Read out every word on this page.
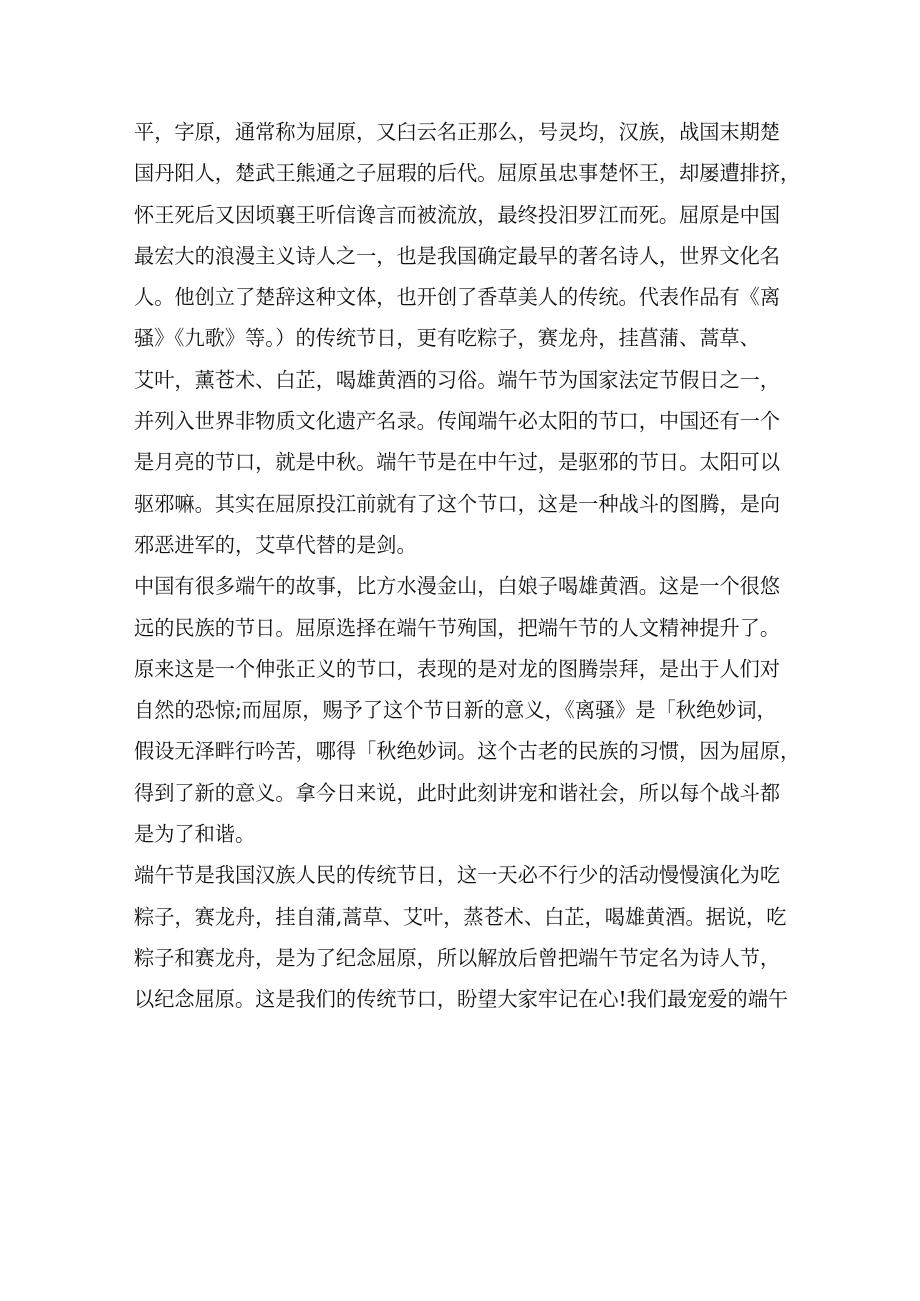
平，字原，通常称为屈原，又臼云名正那么，号灵均，汉族，战国末期楚
国丹阳人，楚武王熊通之子屈瑕的后代。屈原虽忠事楚怀王，却屡遭排挤，
怀王死后又因顷襄王听信谗言而被流放，最终投汨罗江而死。屈原是中国
最宏大的浪漫主义诗人之一，也是我国确定最早的著名诗人，世界文化名
人。他创立了楚辞这种文体，也开创了香草美人的传统。代表作品有《离
骚》《九歌》等。）的传统节日，更有吃粽子，赛龙舟，挂菖蒲、蒿草、
艾叶，薰苍术、白芷，喝雄黄酒的习俗。端午节为国家法定节假日之一，
并列入世界非物质文化遗产名录。传闻端午必太阳的节口，中国还有一个
是月亮的节口，就是中秋。端午节是在中午过，是驱邪的节日。太阳可以
驱邪嘛。其实在屈原投江前就有了这个节口，这是一种战斗的图腾，是向
邪恶进军的，艾草代替的是剑。

中国有很多端午的故事，比方水漫金山，白娘子喝雄黄酒。这是一个很悠
远的民族的节日。屈原选择在端午节殉国，把端午节的人文精神提升了。
原来这是一个伸张正义的节口，表现的是对龙的图腾崇拜，是出于人们对
自然的恐惊;而屈原，赐予了这个节日新的意义，《离骚》是「秋绝妙词，
假设无泽畔行吟苦，哪得「秋绝妙词。这个古老的民族的习惯，因为屈原，
得到了新的意义。拿今日来说，此时此刻讲宠和谐社会，所以每个战斗都
是为了和谐。

端午节是我国汉族人民的传统节日，这一天必不行少的活动慢慢演化为吃
粽子，赛龙舟，挂自蒲,蒿草、艾叶，蒸苍术、白芷，喝雄黄酒。据说，吃
粽子和赛龙舟，是为了纪念屈原，所以解放后曾把端午节定名为诗人节，
以纪念屈原。这是我们的传统节口，盼望大家牢记在心!我们最宠爱的端午
